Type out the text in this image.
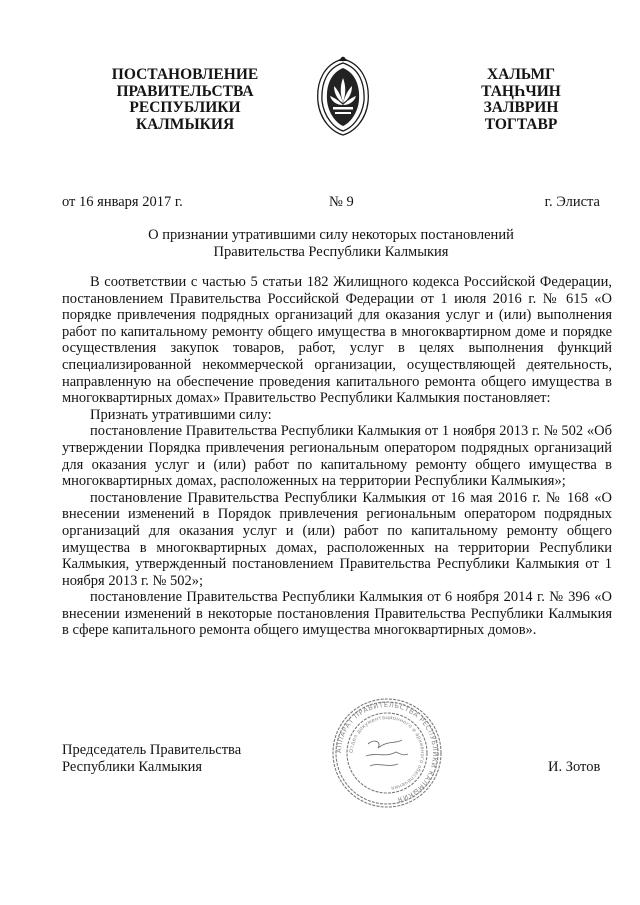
ПОСТАНОВЛЕНИЕ
ПРАВИТЕЛЬСТВА
РЕСПУБЛИКИ
КАЛМЫКИЯ
ХАЛЬМГ
ТАҢҺЧИН
ЗАЛВРИН
ТОГТАВР
от 16 января 2017 г.	№ 9	г. Элиста
О признании утратившими силу некоторых постановлений
Правительства Республики Калмыкия

В соответствии с частью 5 статьи 182 Жилищного кодекса Российской Федерации, постановлением Правительства Российской Федерации от 1 июля 2016 г. № 615 «О порядке привлечения подрядных организаций для оказания услуг и (или) выполнения работ по капитальному ремонту общего имущества в многоквартирном доме и порядке осуществления закупок товаров, работ, услуг в целях выполнения функций специализированной некоммерческой организации, осуществляющей деятельность, направленную на обеспечение проведения капитального ремонта общего имущества в многоквартирных домах» Правительство Республики Калмыкия постановляет:

Признать утратившими силу:

постановление Правительства Республики Калмыкия от 1 ноября 2013 г. № 502 «Об утверждении Порядка привлечения региональным оператором подрядных организаций для оказания услуг и (или) работ по капитальному ремонту общего имущества в многоквартирных домах, расположенных на территории Республики Калмыкия»;

постановление Правительства Республики Калмыкия от 16 мая 2016 г. № 168 «О внесении изменений в Порядок привлечения региональным оператором подрядных организаций для оказания услуг и (или) работ по капитальному ремонту общего имущества в многоквартирных домах, расположенных на территории Республики Калмыкия, утвержденный постановлением Правительства Республики Калмыкия от 1 ноября 2013 г. № 502»;

постановление Правительства Республики Калмыкия от 6 ноября 2014 г. № 396 «О внесении изменений в некоторые постановления Правительства Республики Калмыкия в сфере капитального ремонта общего имущества многоквартирных домов».

АППАРАТ ПРАВИТЕЛЬСТВА РЕСПУБЛИКИ КАЛМЫКИЯ
Отдел документационного и архивного обеспечения
Председатель Правительства
Республики Калмыкия	И. Зотов
